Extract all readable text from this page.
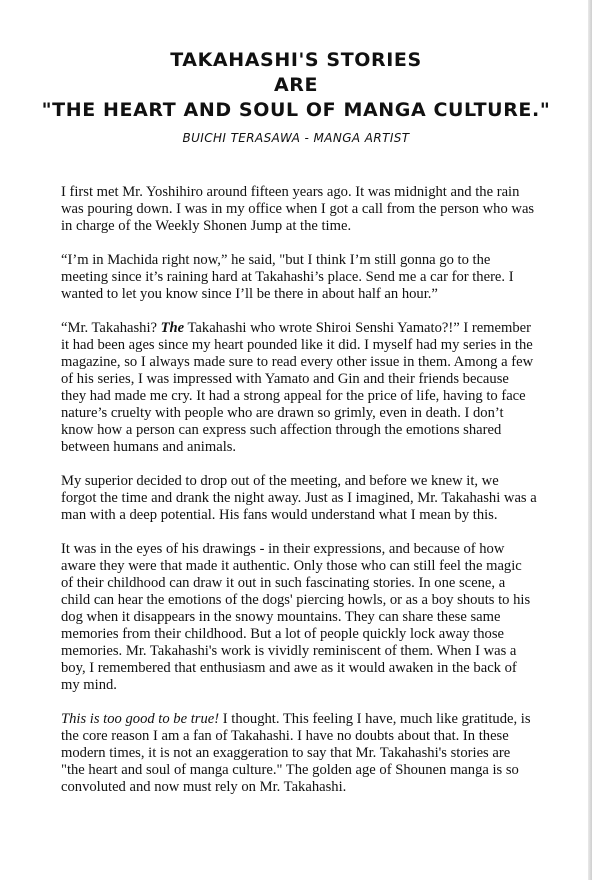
TAKAHASHI'S STORIES
ARE
"THE HEART AND SOUL OF MANGA CULTURE."
BUICHI TERASAWA - MANGA ARTIST

I first met Mr. Yoshihiro around fifteen years ago. It was midnight and the rain was pouring down. I was in my office when I got a call from the person who was in charge of the Weekly Shonen Jump at the time.

“I’m in Machida right now,” he said, "but I think I’m still gonna go to the meeting since it’s raining hard at Takahashi’s place. Send me a car for there. I wanted to let you know since I’ll be there in about half an hour.”

“Mr. Takahashi? The Takahashi who wrote Shiroi Senshi Yamato?!” I remember it had been ages since my heart pounded like it did. I myself had my series in the magazine, so I always made sure to read every other issue in them. Among a few of his series, I was impressed with Yamato and Gin and their friends because they had made me cry. It had a strong appeal for the price of life, having to face nature’s cruelty with people who are drawn so grimly, even in death. I don’t know how a person can express such affection through the emotions shared between humans and animals.

My superior decided to drop out of the meeting, and before we knew it, we forgot the time and drank the night away. Just as I imagined, Mr. Takahashi was a man with a deep potential. His fans would understand what I mean by this.

It was in the eyes of his drawings - in their expressions, and because of how aware they were that made it authentic. Only those who can still feel the magic of their childhood can draw it out in such fascinating stories. In one scene, a child can hear the emotions of the dogs' piercing howls, or as a boy shouts to his dog when it disappears in the snowy mountains. They can share these same memories from their childhood. But a lot of people quickly lock away those memories. Mr. Takahashi's work is vividly reminiscent of them. When I was a boy, I remembered that enthusiasm and awe as it would awaken in the back of my mind.

This is too good to be true! I thought. This feeling I have, much like gratitude, is the core reason I am a fan of Takahashi. I have no doubts about that. In these modern times, it is not an exaggeration to say that Mr. Takahashi's stories are "the heart and soul of manga culture." The golden age of Shounen manga is so convoluted and now must rely on Mr. Takahashi.
